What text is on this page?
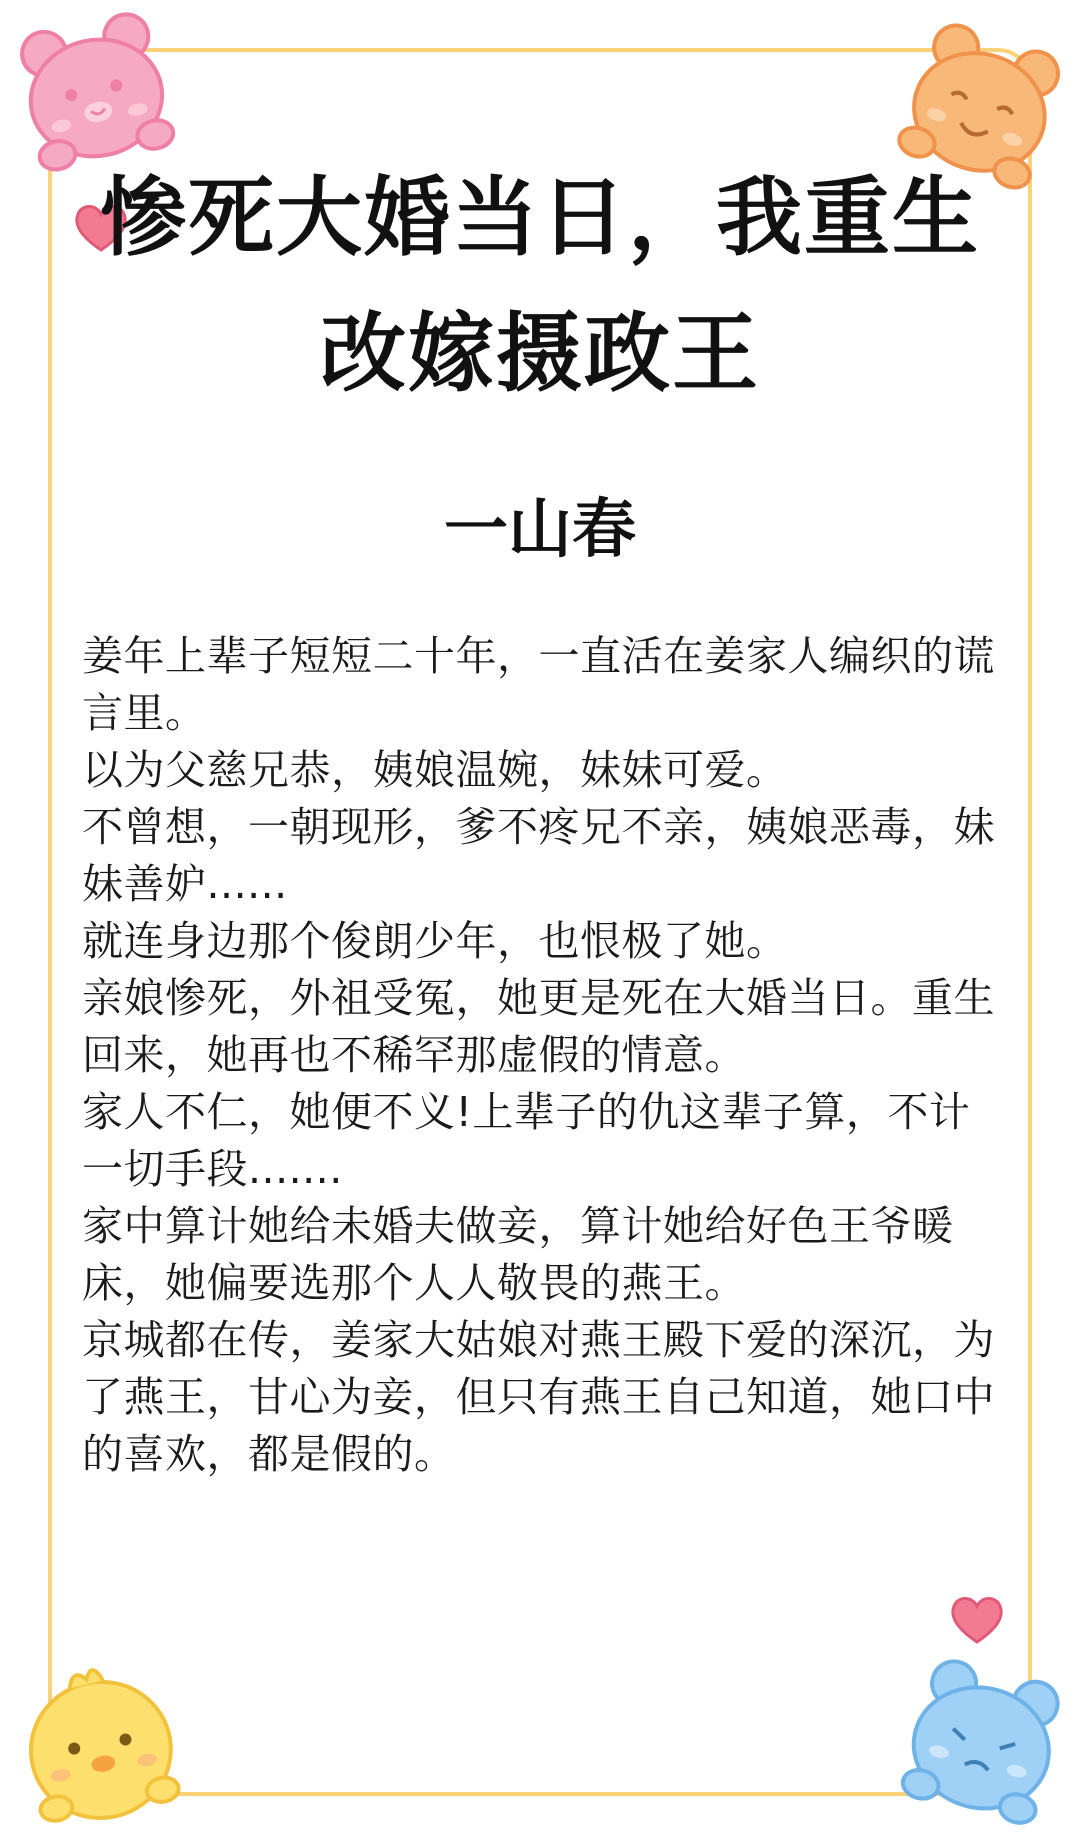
惨死大婚当日，我重生改嫁摄政王
一山春

姜年上辈子短短二十年，一直活在姜家人编织的谎言里。

以为父慈兄恭，姨娘温婉，妹妹可爱。

不曾想，一朝现形，爹不疼兄不亲，姨娘恶毒，妹妹善妒......

就连身边那个俊朗少年，也恨极了她。

亲娘惨死，外祖受冤，她更是死在大婚当日。重生回来，她再也不稀罕那虚假的情意。

家人不仁，她便不义!上辈子的仇这辈子算，不计一切手段.......

家中算计她给未婚夫做妾，算计她给好色王爷暖床，她偏要选那个人人敬畏的燕王。

京城都在传，姜家大姑娘对燕王殿下爱的深沉，为了燕王，甘心为妾，但只有燕王自己知道，她口中的喜欢，都是假的。
